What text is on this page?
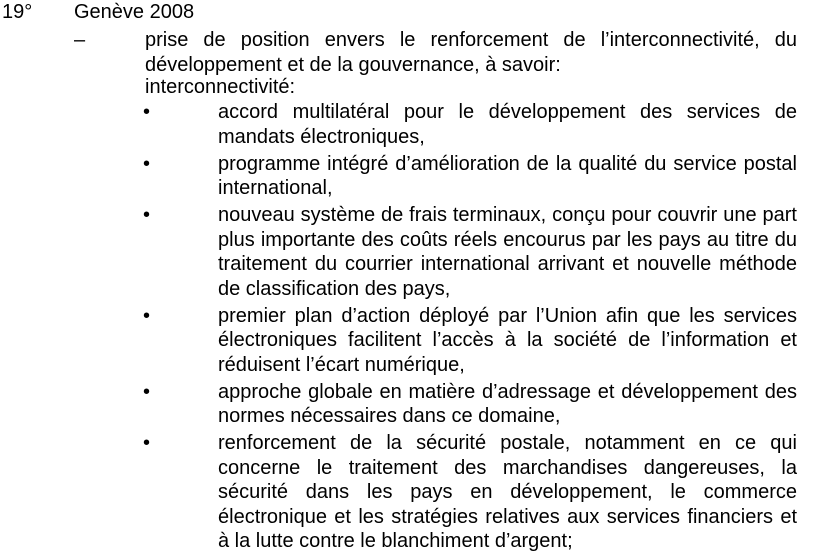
19° Genève 2008
–	prise de position envers le renforcement de l’interconnectivité, du développement et de la gouvernance, à savoir:
interconnectivité:
•	accord multilatéral pour le développement des services de mandats électroniques,
•	programme intégré d’amélioration de la qualité du service postal international,
•	nouveau système de frais terminaux, conçu pour couvrir une part plus importante des coûts réels encourus par les pays au titre du traitement du courrier international arrivant et nouvelle méthode de classification des pays,
•	premier plan d’action déployé par l’Union afin que les services électroniques facilitent l’accès à la société de l’information et réduisent l’écart numérique,
•	approche globale en matière d’adressage et développement des normes nécessaires dans ce domaine,
•	renforcement de la sécurité postale, notamment en ce qui concerne le traitement des marchandises dangereuses, la sécurité dans les pays en développement, le commerce électronique et les stratégies relatives aux services financiers et à la lutte contre le blanchiment d’argent;
